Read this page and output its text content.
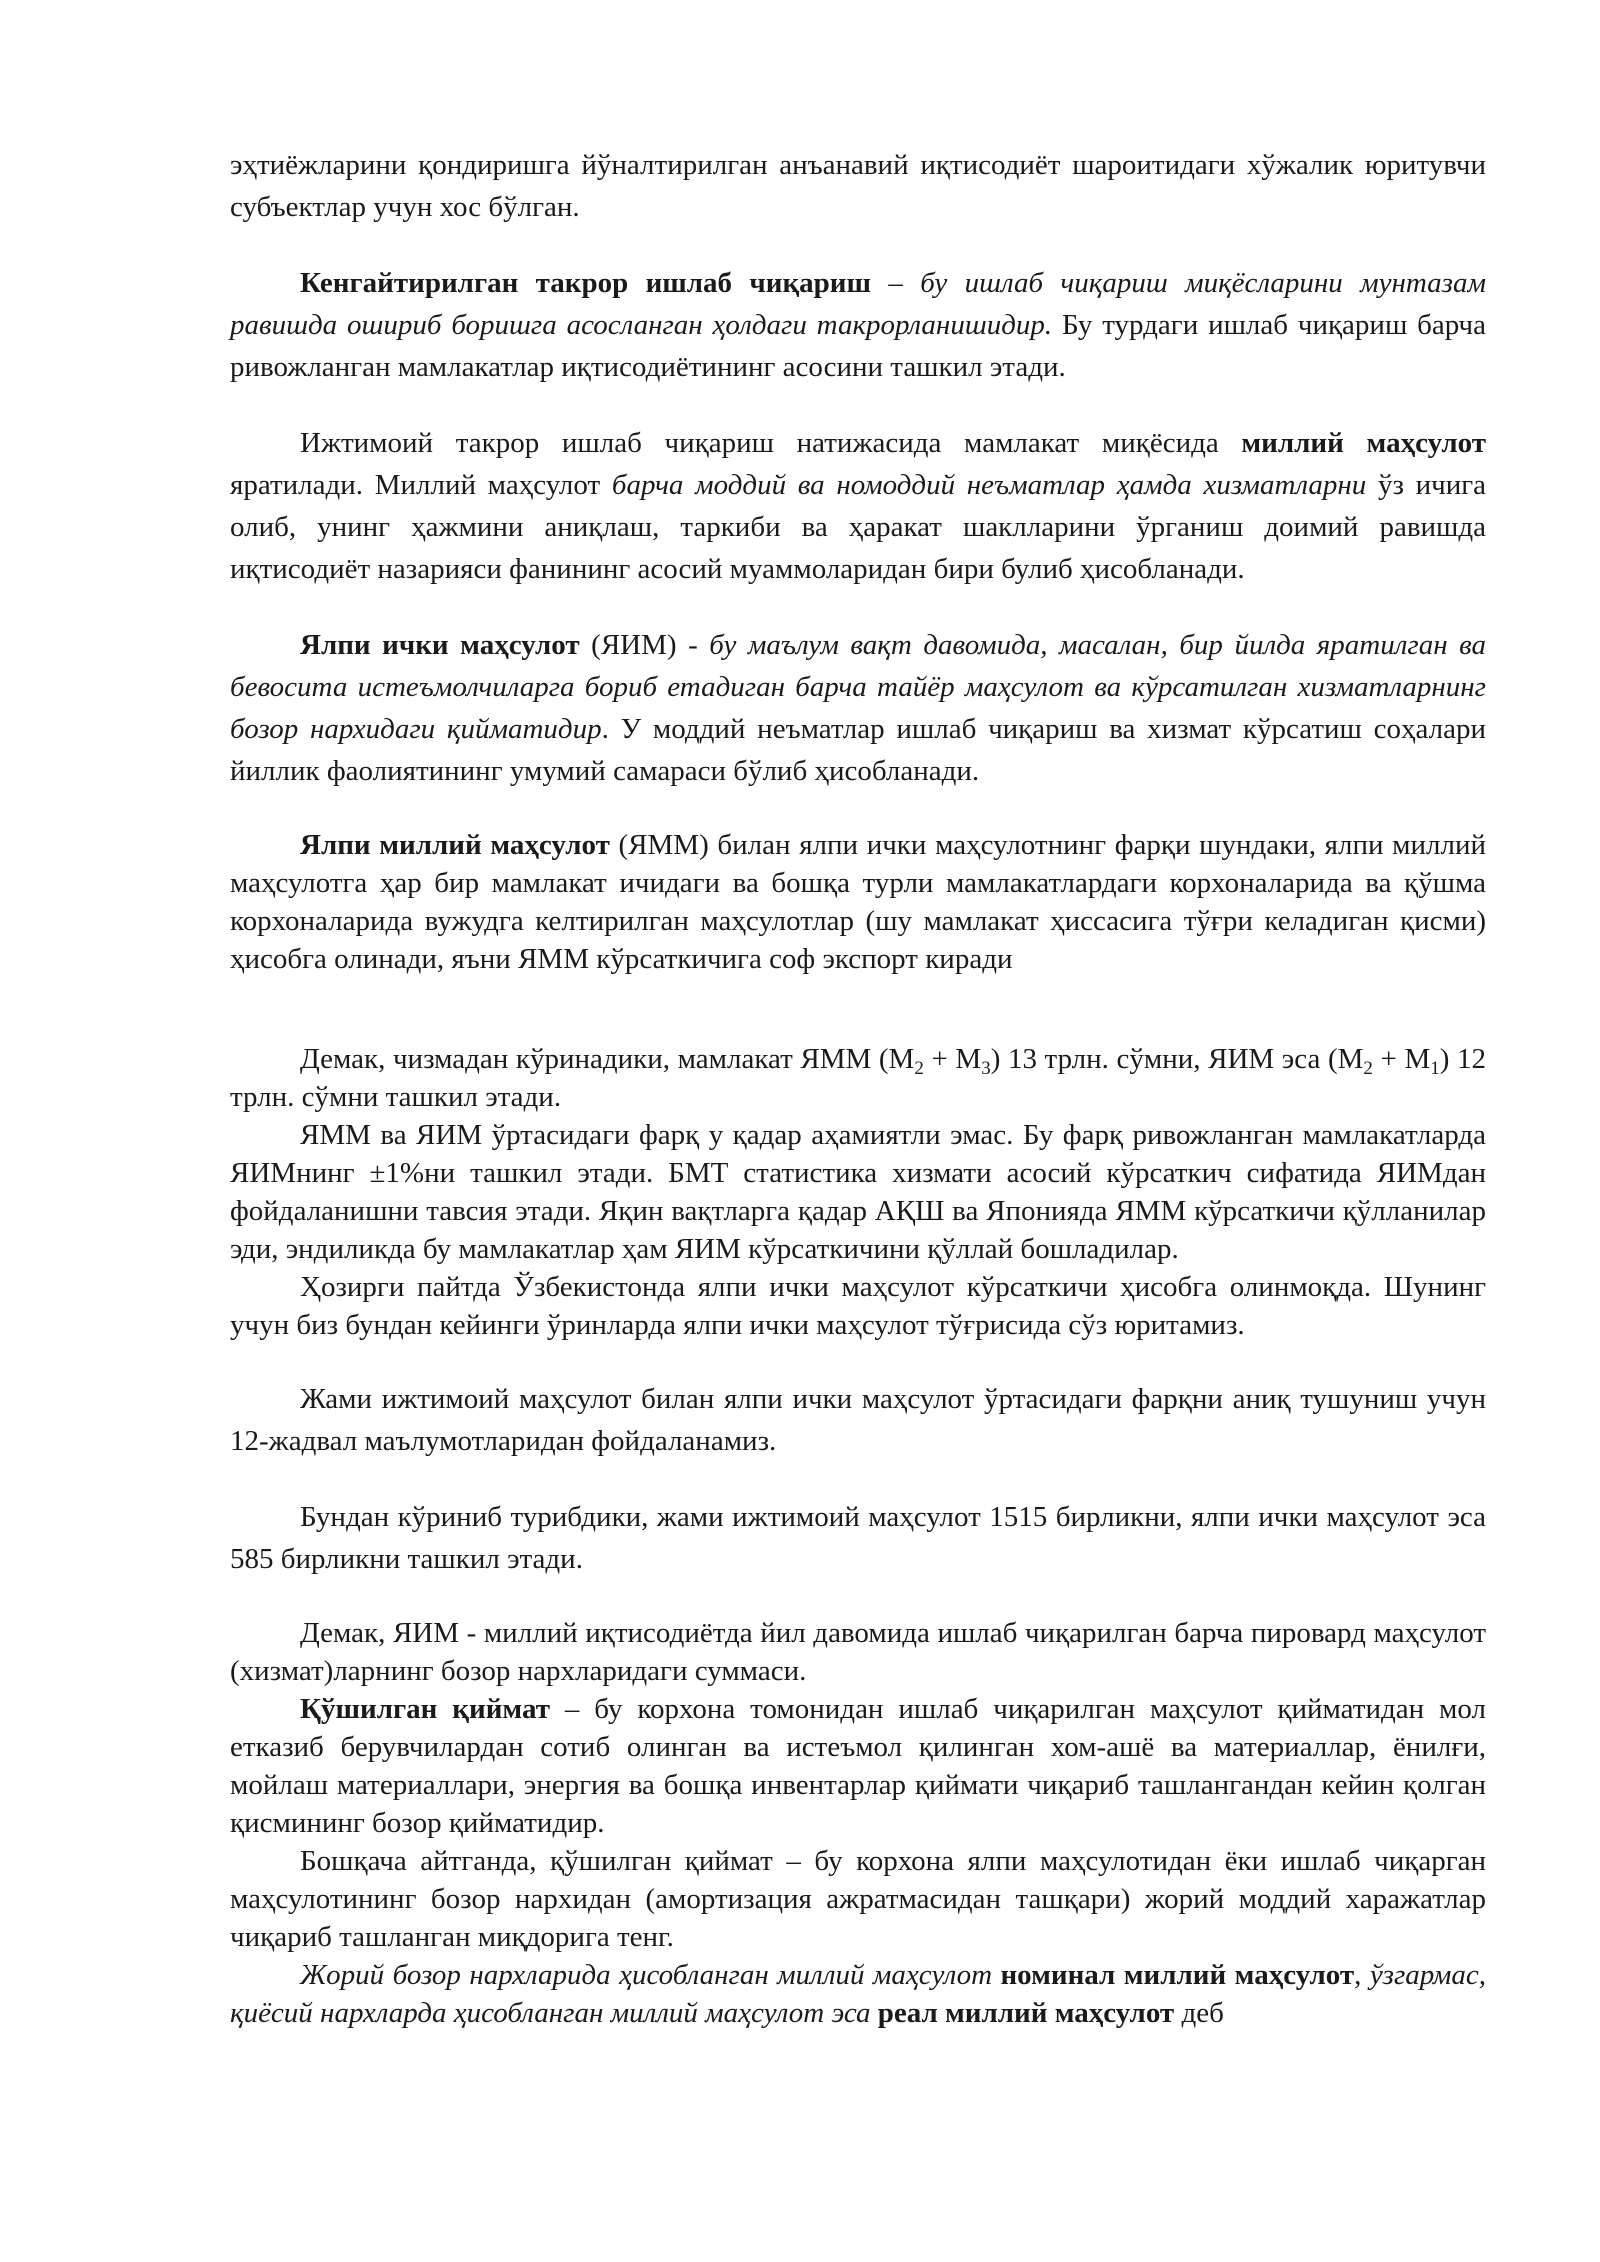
эҳтиёжларини қондиришга йўналтирилган анъанавий иқтисодиёт шароитидаги хўжалик юритувчи субъектлар учун хос бўлган.

Кенгайтирилган такрор ишлаб чиқариш – бу ишлаб чиқариш миқёсларини мунтазам равишда ошириб боришга асосланган ҳолдаги такрорланишидир. Бу турдаги ишлаб чиқариш барча ривожланган мамлакатлар иқтисодиётининг асосини ташкил этади.

Ижтимоий такрор ишлаб чиқариш натижасида мамлакат миқёсида миллий маҳсулот яратилади. Миллий маҳсулот барча моддий ва номоддий неъматлар ҳамда хизматларни ўз ичига олиб, унинг ҳажмини аниқлаш, таркиби ва ҳаракат шаклларини ўрганиш доимий равишда иқтисодиёт назарияси фанининг асосий муаммоларидан бири булиб ҳисобланади.

Ялпи ички маҳсулот (ЯИМ) - бу маълум вақт давомида, масалан, бир йилда яратилган ва бевосита истеъмолчиларга бориб етадиган барча тайёр маҳсулот ва кўрсатилган хизматларнинг бозор нархидаги қийматидир. У моддий неъматлар ишлаб чиқариш ва хизмат кўрсатиш соҳалари йиллик фаолиятининг умумий самараси бўлиб ҳисобланади.

Ялпи миллий маҳсулот (ЯММ) билан ялпи ички маҳсулотнинг фарқи шундаки, ялпи миллий маҳсулотга ҳар бир мамлакат ичидаги ва бошқа турли мамлакатлардаги корхоналарида ва қўшма корхоналарида вужудга келтирилган маҳсулотлар (шу мамлакат ҳиссасига тўғри келадиган қисми) ҳисобга олинади, яъни ЯММ кўрсаткичига соф экспорт киради

Демак, чизмадан кўринадики, мамлакат ЯММ $(М_2 + М_3)$ 13 трлн. сўмни, ЯИМ эса $(М_2 + М_1)$ 12 трлн. сўмни ташкил этади.

ЯММ ва ЯИМ ўртасидаги фарқ у қадар аҳамиятли эмас. Бу фарқ ривожланган мамлакатларда ЯИМнинг ±1%ни ташкил этади. БМТ статистика хизмати асосий кўрсаткич сифатида ЯИМдан фойдаланишни тавсия этади. Яқин вақтларга қадар АҚШ ва Японияда ЯММ кўрсаткичи қўлланилар эди, эндиликда бу мамлакатлар ҳам ЯИМ кўрсаткичини қўллай бошладилар.

Ҳозирги пайтда Ўзбекистонда ялпи ички маҳсулот кўрсаткичи ҳисобга олинмоқда. Шунинг учун биз бундан кейинги ўринларда ялпи ички маҳсулот тўғрисида сўз юритамиз.

Жами ижтимоий маҳсулот билан ялпи ички маҳсулот ўртасидаги фарқни аниқ тушуниш учун 12-жадвал маълумотларидан фойдаланамиз.

Бундан кўриниб турибдики, жами ижтимоий маҳсулот 1515 бирликни, ялпи ички маҳсулот эса 585 бирликни ташкил этади.

Демак, ЯИМ - миллий иқтисодиётда йил давомида ишлаб чиқарилган барча пировард маҳсулот (хизмат)ларнинг бозор нархларидаги суммаси.

Қўшилган қиймат – бу корхона томонидан ишлаб чиқарилган маҳсулот қийматидан мол етказиб берувчилардан сотиб олинган ва истеъмол қилинган хом-ашё ва материаллар, ёнилғи, мойлаш материаллари, энергия ва бошқа инвентарлар қиймати чиқариб ташлангандан кейин қолган қисмининг бозор қийматидир.

Бошқача айтганда, қўшилган қиймат – бу корхона ялпи маҳсулотидан ёки ишлаб чиқарган маҳсулотининг бозор нархидан (амортизация ажратмасидан ташқари) жорий моддий харажатлар чиқариб ташланган миқдорига тенг.

Жорий бозор нархларида ҳисобланган миллий маҳсулот номинал миллий маҳсулот, ўзгармас, қиёсий нархларда ҳисобланган миллий маҳсулот эса реал миллий маҳсулот деб
